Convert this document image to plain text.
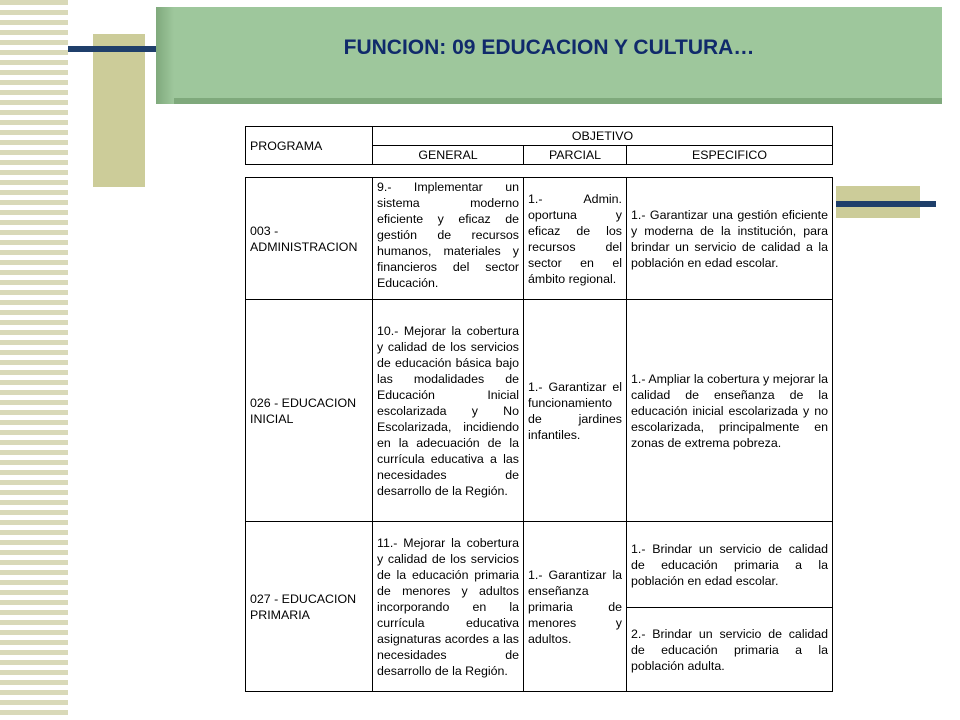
FUNCION: 09 EDUCACION Y CULTURA…
PROGRAMA	OBJETIVO		
	GENERAL	PARCIAL	ESPECIFICO
003 - ADMINISTRACION	9.- Implementar un sistema moderno eficiente y eficaz de gestión de recursos humanos, materiales y financieros del sector Educación.	1.- Admin. oportuna y eficaz de los recursos del sector en el ámbito regional.	1.- Garantizar una gestión eficiente y moderna de la institución, para brindar un servicio de calidad a la población en edad escolar.
026 - EDUCACION INICIAL	10.- Mejorar la cobertura y calidad de los servicios de educación básica bajo las modalidades de Educación Inicial escolarizada y No Escolarizada, incidiendo en la adecuación de la currícula educativa a las necesidades de desarrollo de la Región.	1.- Garantizar el funcionamiento de jardines infantiles.	1.- Ampliar la cobertura y mejorar la calidad de enseñanza de la educación inicial escolarizada y no escolarizada, principalmente en zonas de extrema pobreza.
027 - EDUCACION PRIMARIA	11.- Mejorar la cobertura y calidad de los servicios de la educación primaria de menores y adultos incorporando en la currícula educativa asignaturas acordes a las necesidades de desarrollo de la Región.	1.- Garantizar la enseñanza primaria de menores y adultos.	1.- Brindar un servicio de calidad de educación primaria a la población en edad escolar.
			2.- Brindar un servicio de calidad de educación primaria a la población adulta.
